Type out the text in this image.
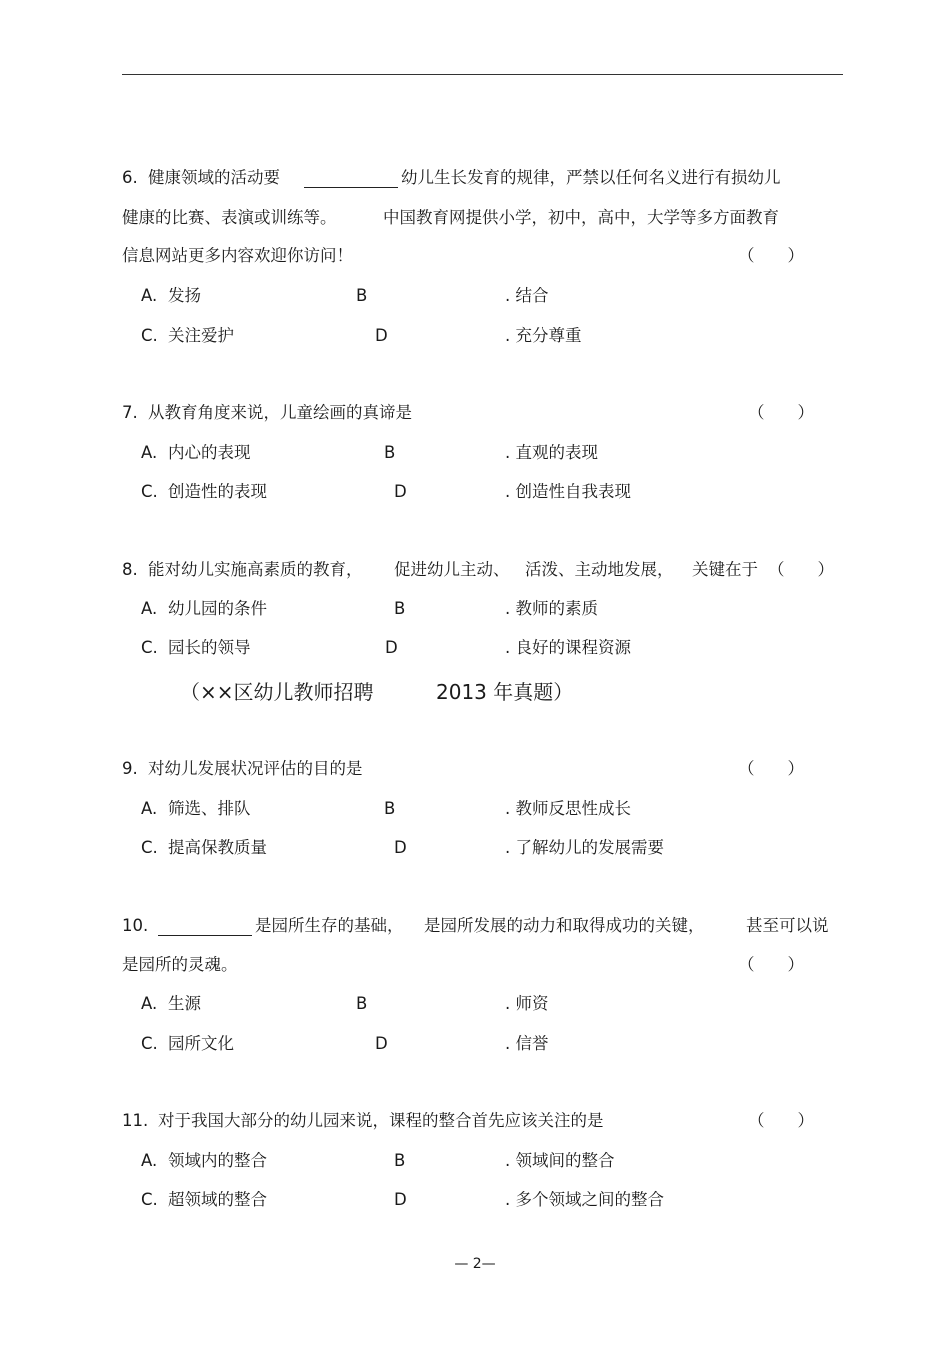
6. 健康领域的活动要	幼儿生长发育的规律，严禁以任何名义进行有损幼儿
健康的比赛、表演或训练等。	中国教育网提供小学，初中，高中，大学等多方面教育
信息网站更多内容欢迎你访问！	（　　）
A. 发扬	B	. 结合
C. 关注爱护	D	. 充分尊重
7. 从教育角度来说，儿童绘画的真谛是	（　　）
A. 内心的表现	B	. 直观的表现
C. 创造性的表现	D	. 创造性自我表现
8. 能对幼儿实施高素质的教育， 促进幼儿主动、 活泼、主动地发展， 关键在于 （　　）
A. 幼儿园的条件	B	. 教师的素质
C. 园长的领导	D	. 良好的课程资源
（××区幼儿教师招聘	2013 年真题）
9. 对幼儿发展状况评估的目的是	（　　）
A. 筛选、排队	B	. 教师反思性成长
C. 提高保教质量	D	. 了解幼儿的发展需要
10.	是园所生存的基础， 是园所发展的动力和取得成功的关键，	甚至可以说
是园所的灵魂。	（　　）
A. 生源	B	. 师资
C. 园所文化	D	. 信誉
11. 对于我国大部分的幼儿园来说，课程的整合首先应该关注的是	（　　）
A. 领域内的整合	B	. 领域间的整合
C. 超领域的整合	D	. 多个领域之间的整合
— 2—
